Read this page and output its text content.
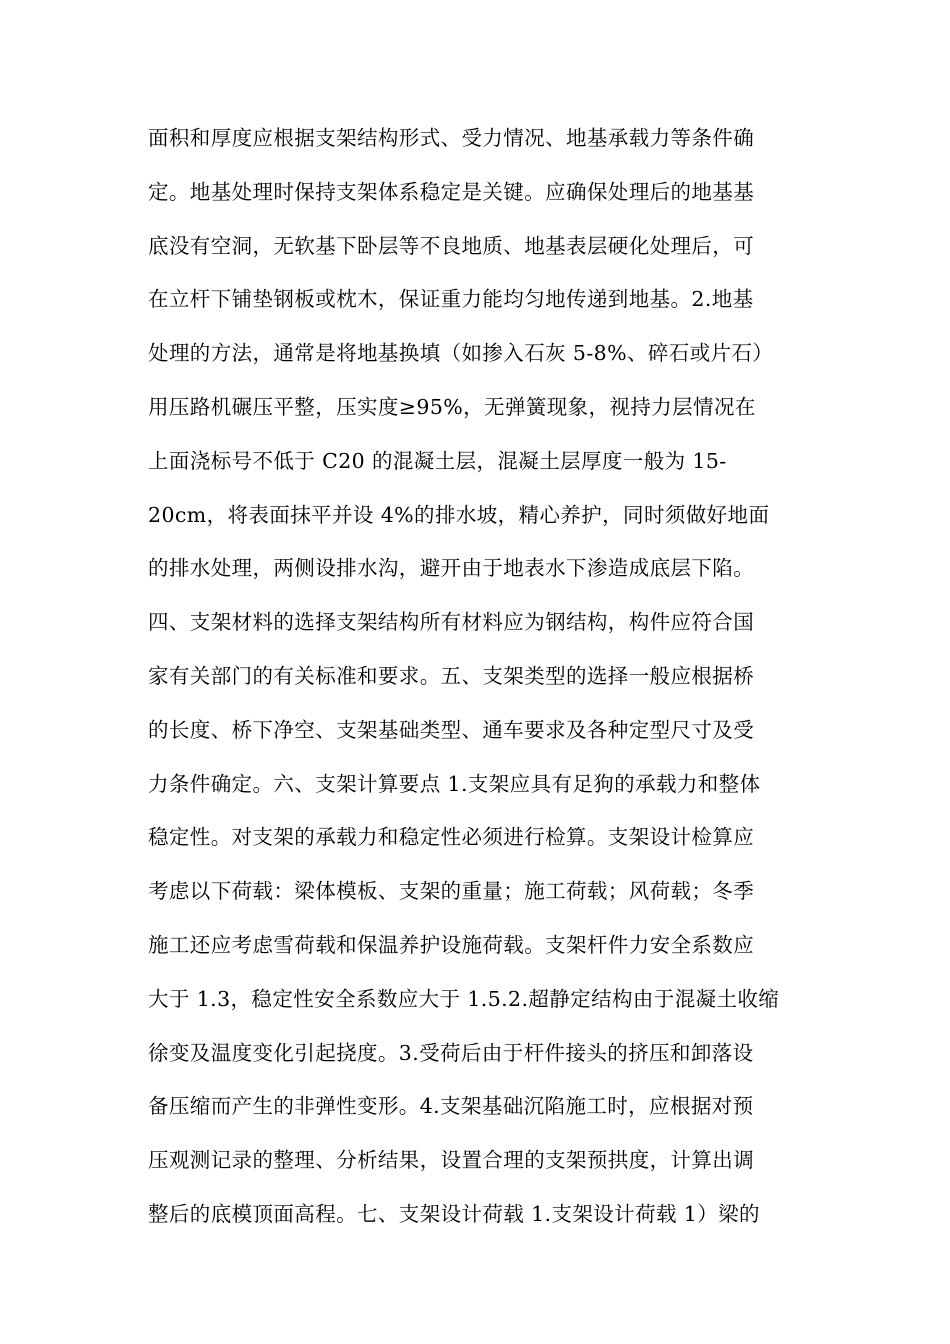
面积和厚度应根据支架结构形式、受力情况、地基承载力等条件确
定。地基处理时保持支架体系稳定是关键。应确保处理后的地基基
底没有空洞，无软基下卧层等不良地质、地基表层硬化处理后，可
在立杆下铺垫钢板或枕木，保证重力能均匀地传递到地基。2.地基
处理的方法，通常是将地基换填（如掺入石灰 5-8%、碎石或片石）
用压路机碾压平整，压实度≥95%，无弹簧现象，视持力层情况在
上面浇标号不低于 C20 的混凝土层，混凝土层厚度一般为 15-
20cm，将表面抹平并设 4%的排水坡，精心养护，同时须做好地面
的排水处理，两侧设排水沟，避开由于地表水下渗造成底层下陷。
四、支架材料的选择支架结构所有材料应为钢结构，构件应符合国
家有关部门的有关标准和要求。五、支架类型的选择一般应根据桥
的长度、桥下净空、支架基础类型、通车要求及各种定型尺寸及受
力条件确定。六、支架计算要点 1.支架应具有足狗的承载力和整体
稳定性。对支架的承载力和稳定性必须进行检算。支架设计检算应
考虑以下荷载：梁体模板、支架的重量；施工荷载；风荷载；冬季
施工还应考虑雪荷载和保温养护设施荷载。支架杆件力安全系数应
大于 1.3，稳定性安全系数应大于 1.5.2.超静定结构由于混凝土收缩
徐变及温度变化引起挠度。3.受荷后由于杆件接头的挤压和卸落设
备压缩而产生的非弹性变形。4.支架基础沉陷施工时，应根据对预
压观测记录的整理、分析结果，设置合理的支架预拱度，计算出调
整后的底模顶面高程。七、支架设计荷载 1.支架设计荷载 1）梁的
